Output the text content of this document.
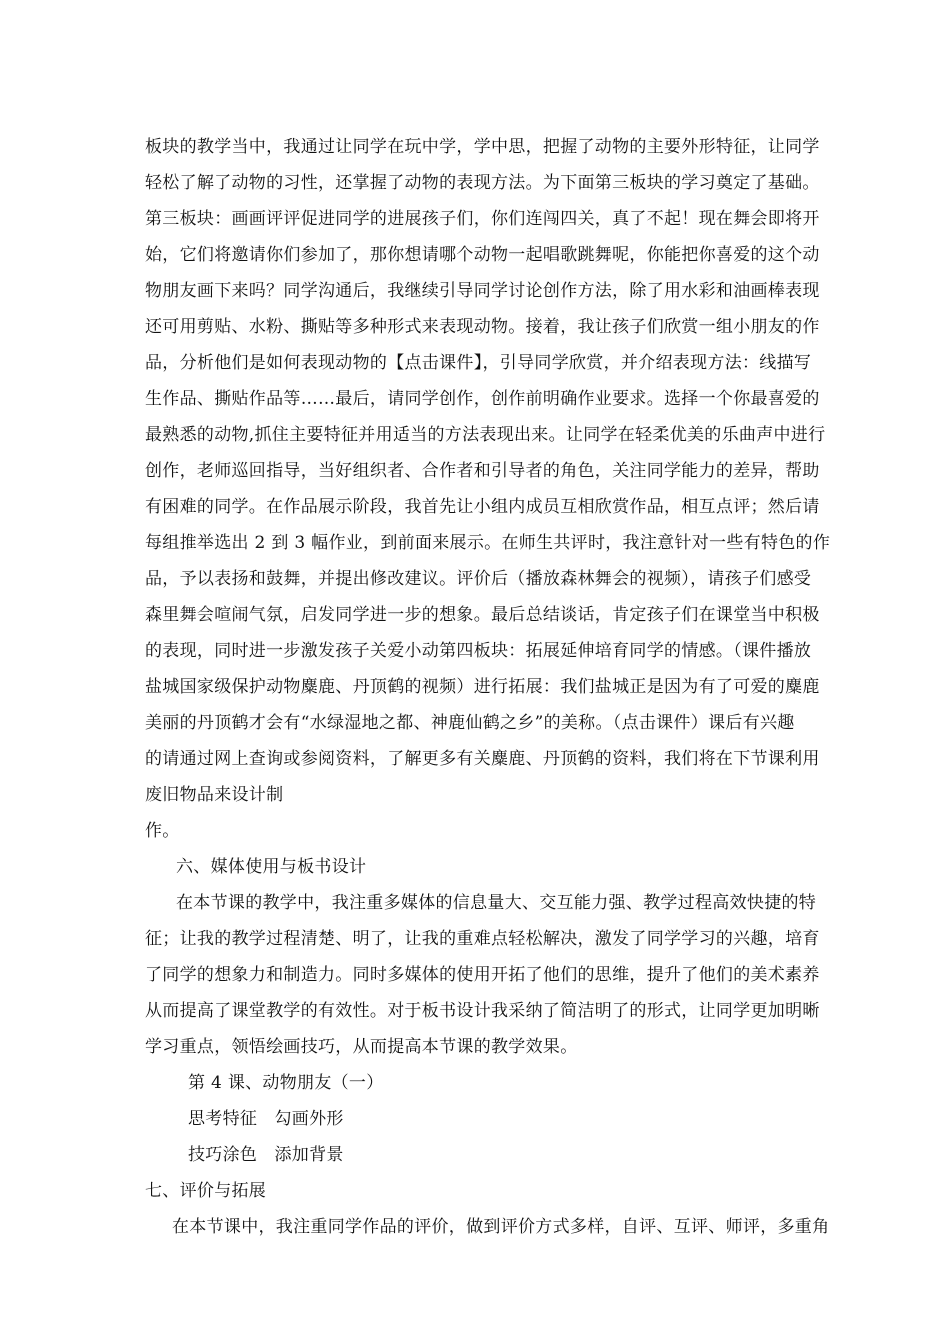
板块的教学当中，我通过让同学在玩中学，学中思，把握了动物的主要外形特征，让同学
轻松了解了动物的习性，还掌握了动物的表现方法。为下面第三板块的学习奠定了基础。
第三板块：画画评评促进同学的进展孩子们，你们连闯四关，真了不起！现在舞会即将开
始，它们将邀请你们参加了，那你想请哪个动物一起唱歌跳舞呢，你能把你喜爱的这个动
物朋友画下来吗？同学沟通后，我继续引导同学讨论创作方法，除了用水彩和油画棒表现
还可用剪贴、水粉、撕贴等多种形式来表现动物。接着，我让孩子们欣赏一组小朋友的作
品，分析他们是如何表现动物的【点击课件】，引导同学欣赏，并介绍表现方法：线描写
生作品、撕贴作品等……最后，请同学创作，创作前明确作业要求。选择一个你最喜爱的
最熟悉的动物,抓住主要特征并用适当的方法表现出来。让同学在轻柔优美的乐曲声中进行
创作，老师巡回指导，当好组织者、合作者和引导者的角色，关注同学能力的差异，帮助
有困难的同学。在作品展示阶段，我首先让小组内成员互相欣赏作品，相互点评；然后请
每组推举选出 2 到 3 幅作业，到前面来展示。在师生共评时，我注意针对一些有特色的作
品，予以表扬和鼓舞，并提出修改建议。评价后（播放森林舞会的视频），请孩子们感受
森里舞会喧闹气氛，启发同学进一步的想象。最后总结谈话，肯定孩子们在课堂当中积极
的表现，同时进一步激发孩子关爱小动第四板块：拓展延伸培育同学的情感。（课件播放
盐城国家级保护动物麋鹿、丹顶鹤的视频）进行拓展：我们盐城正是因为有了可爱的麋鹿
美丽的丹顶鹤才会有“水绿湿地之都、神鹿仙鹤之乡”的美称。（点击课件）课后有兴趣
的请通过网上查询或参阅资料，了解更多有关麋鹿、丹顶鹤的资料，我们将在下节课利用
废旧物品来设计制
作。
六、媒体使用与板书设计
在本节课的教学中，我注重多媒体的信息量大、交互能力强、教学过程高效快捷的特
征；让我的教学过程清楚、明了，让我的重难点轻松解决，激发了同学学习的兴趣，培育
了同学的想象力和制造力。同时多媒体的使用开拓了他们的思维，提升了他们的美术素养
从而提高了课堂教学的有效性。对于板书设计我采纳了简洁明了的形式，让同学更加明晰
学习重点，领悟绘画技巧，从而提高本节课的教学效果。
第 4 课、动物朋友（一）
思考特征　勾画外形
技巧涂色　添加背景
七、评价与拓展
在本节课中，我注重同学作品的评价，做到评价方式多样，自评、互评、师评，多重角
